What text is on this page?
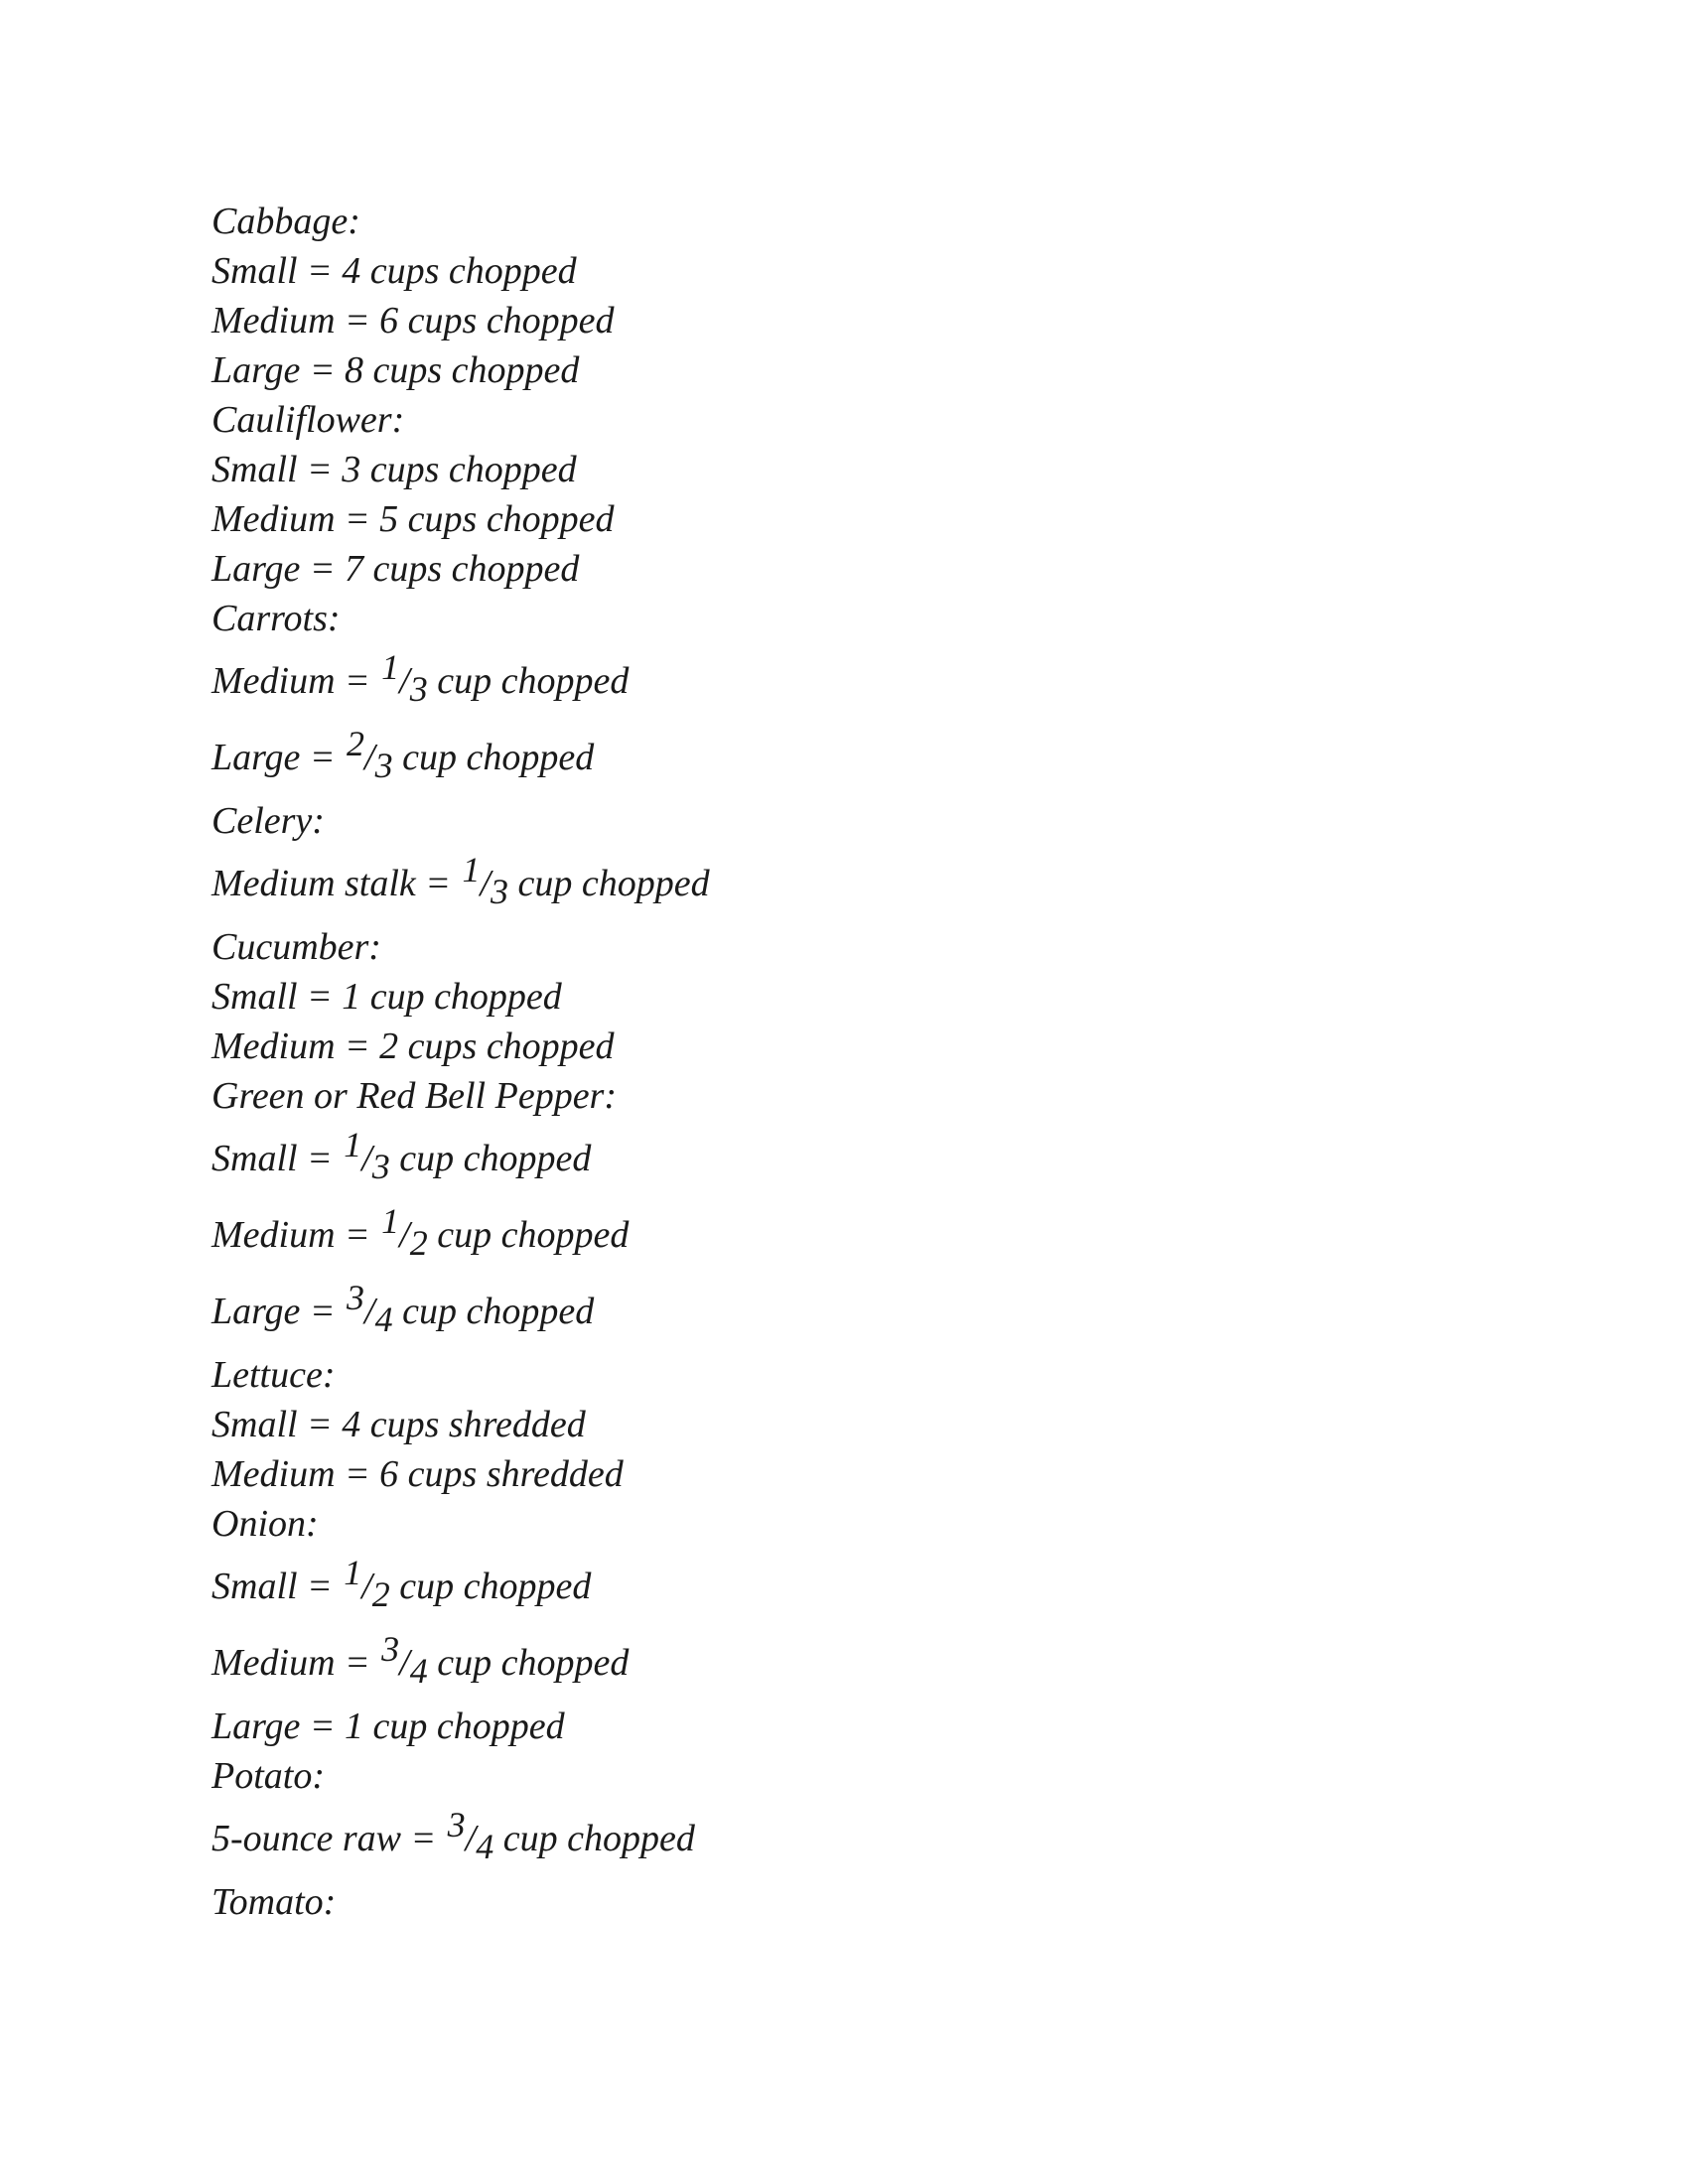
Cabbage:
Small = 4 cups chopped
Medium = 6 cups chopped
Large = 8 cups chopped
Cauliflower:
Small = 3 cups chopped
Medium = 5 cups chopped
Large = 7 cups chopped
Carrots:
Medium = 1/3 cup chopped
Large = 2/3 cup chopped
Celery:
Medium stalk = 1/3 cup chopped
Cucumber:
Small = 1 cup chopped
Medium = 2 cups chopped
Green or Red Bell Pepper:
Small = 1/3 cup chopped
Medium = 1/2 cup chopped
Large = 3/4 cup chopped
Lettuce:
Small = 4 cups shredded
Medium = 6 cups shredded
Onion:
Small = 1/2 cup chopped
Medium = 3/4 cup chopped
Large = 1 cup chopped
Potato:
5-ounce raw = 3/4 cup chopped
Tomato:
